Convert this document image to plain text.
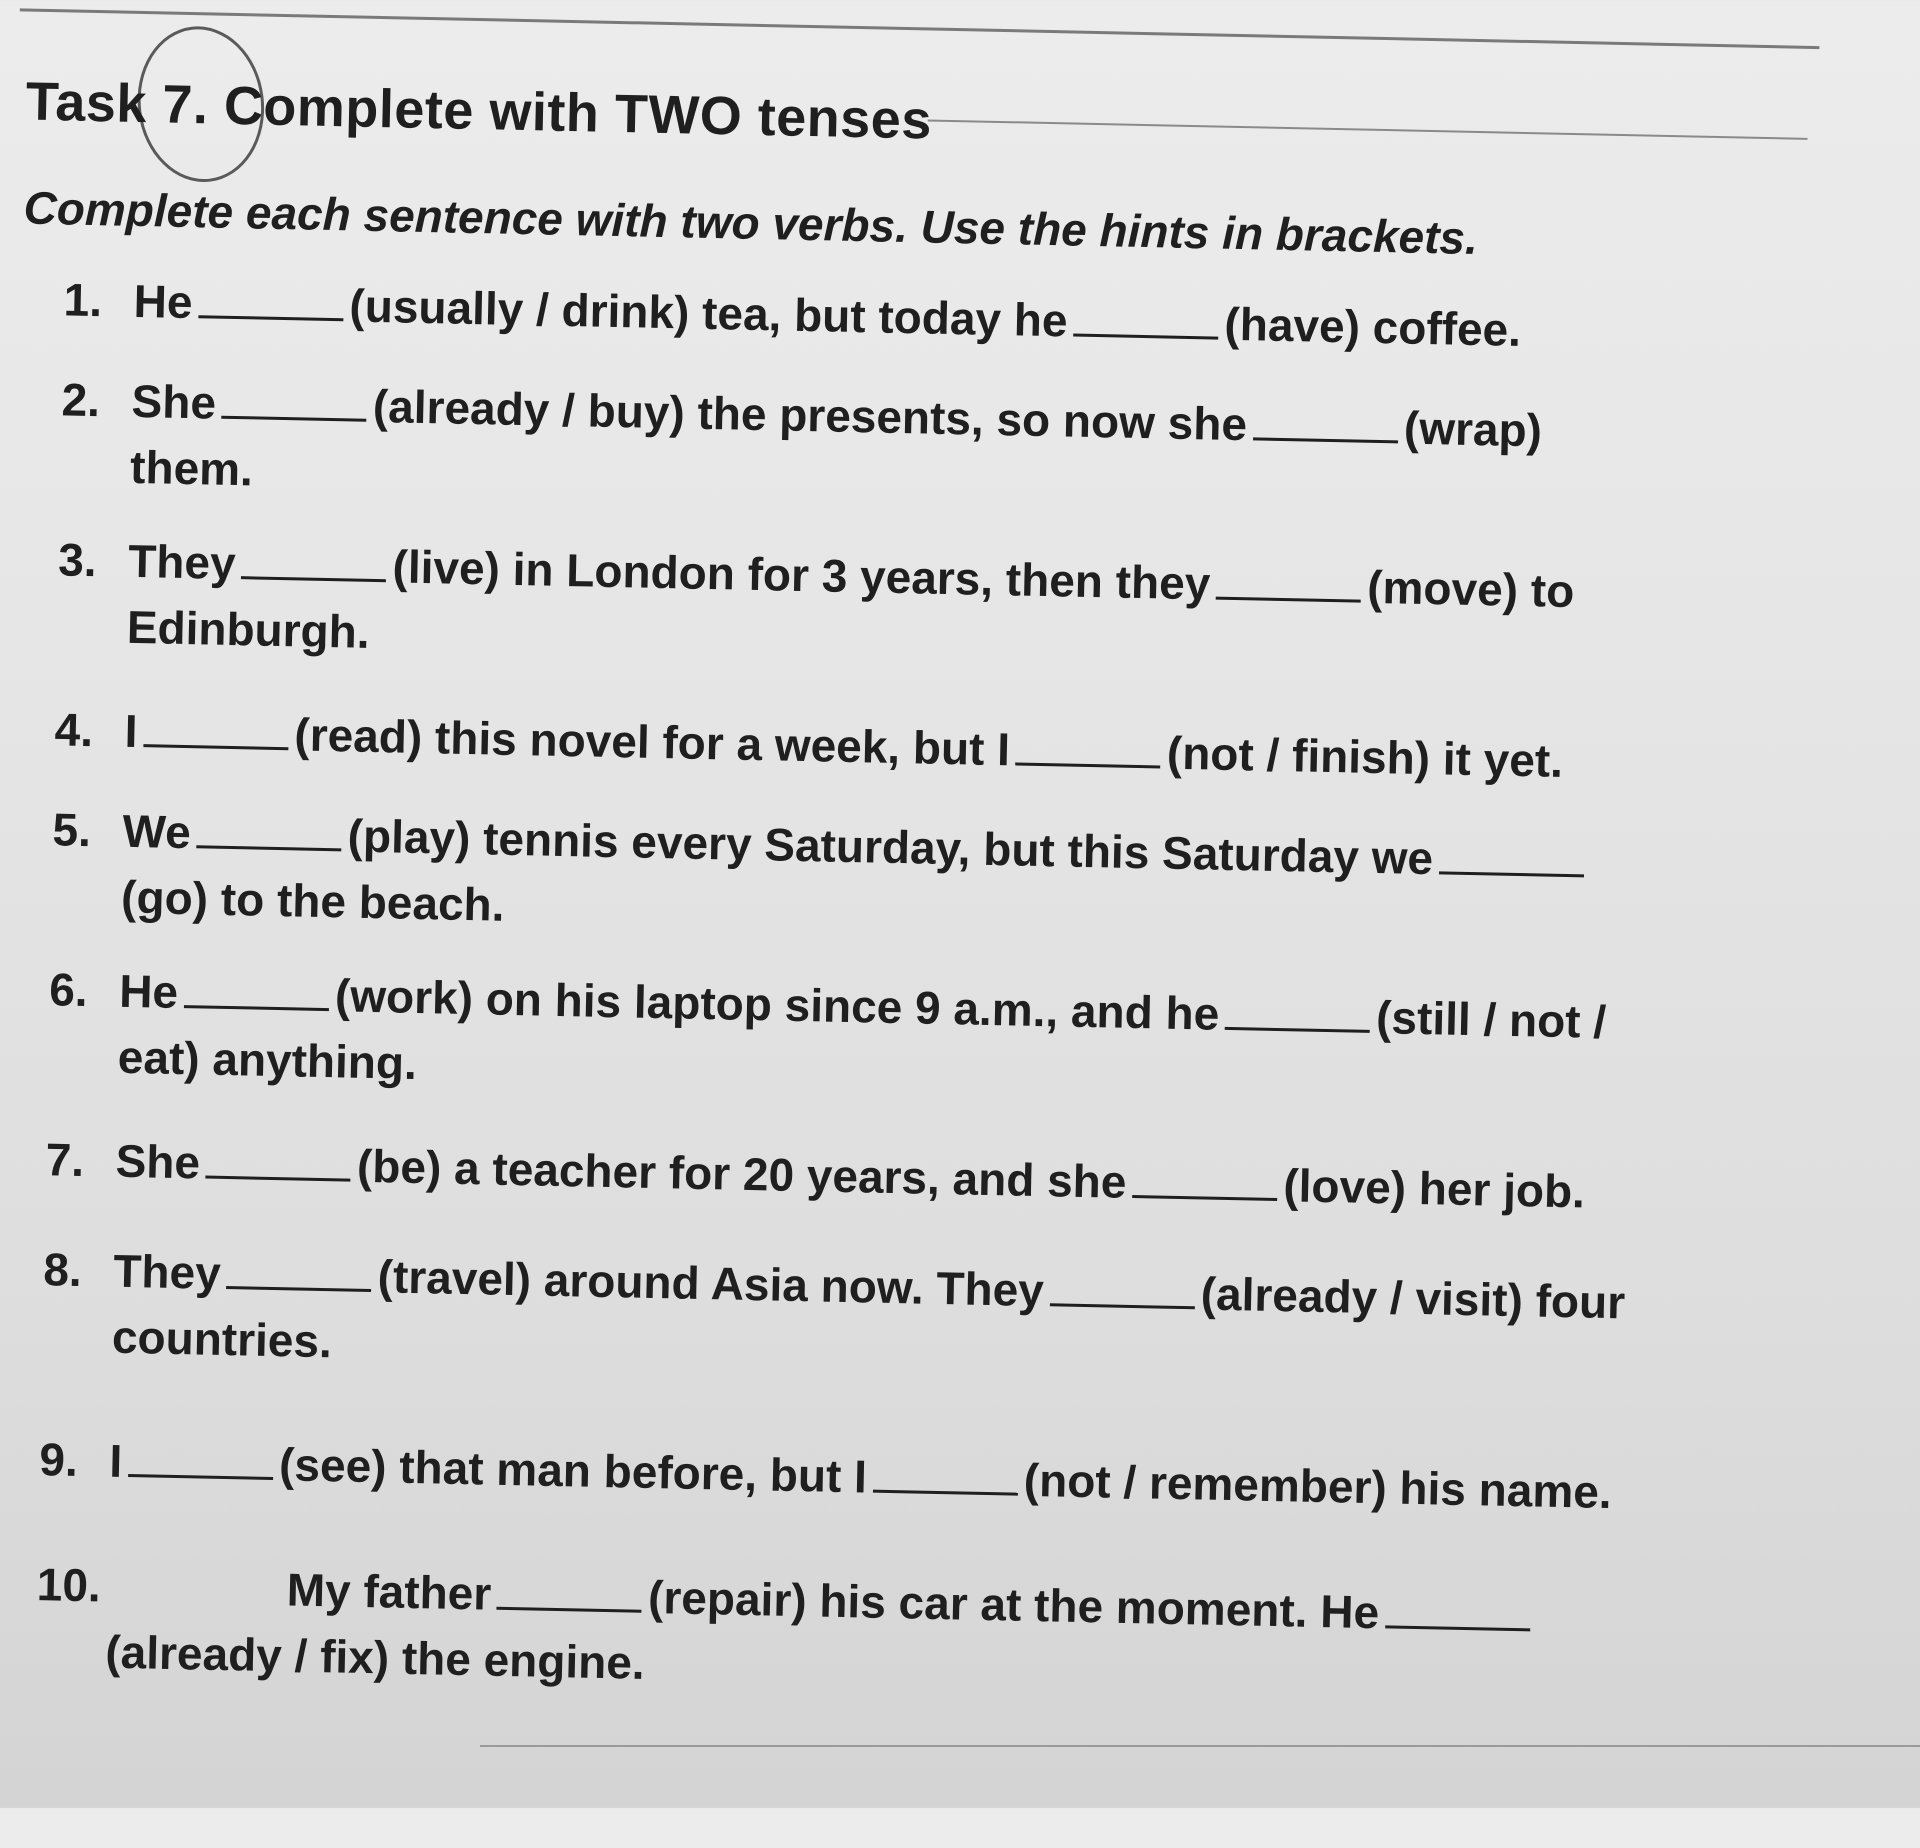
Task 7. Complete with TWO tenses
Complete each sentence with two verbs. Use the hints in brackets.
1. He	(usually / drink) tea, but today he	(have) coffee.
2. She	(already / buy) the presents, so now she	(wrap)
them.
3. They	(live) in London for 3 years, then they	(move) to
Edinburgh.
4. I	(read) this novel for a week, but I	(not / finish) it yet.
5. We	(play) tennis every Saturday, but this Saturday we
(go) to the beach.
6. He	(work) on his laptop since 9 a.m., and he	(still / not /
eat) anything.
7. She	(be) a teacher for 20 years, and she	(love) her job.
8. They	(travel) around Asia now. They	(already / visit) four
countries.
9. I	(see) that man before, but I	(not / remember) his name.
10.	My father	(repair) his car at the moment. He
(already / fix) the engine.
